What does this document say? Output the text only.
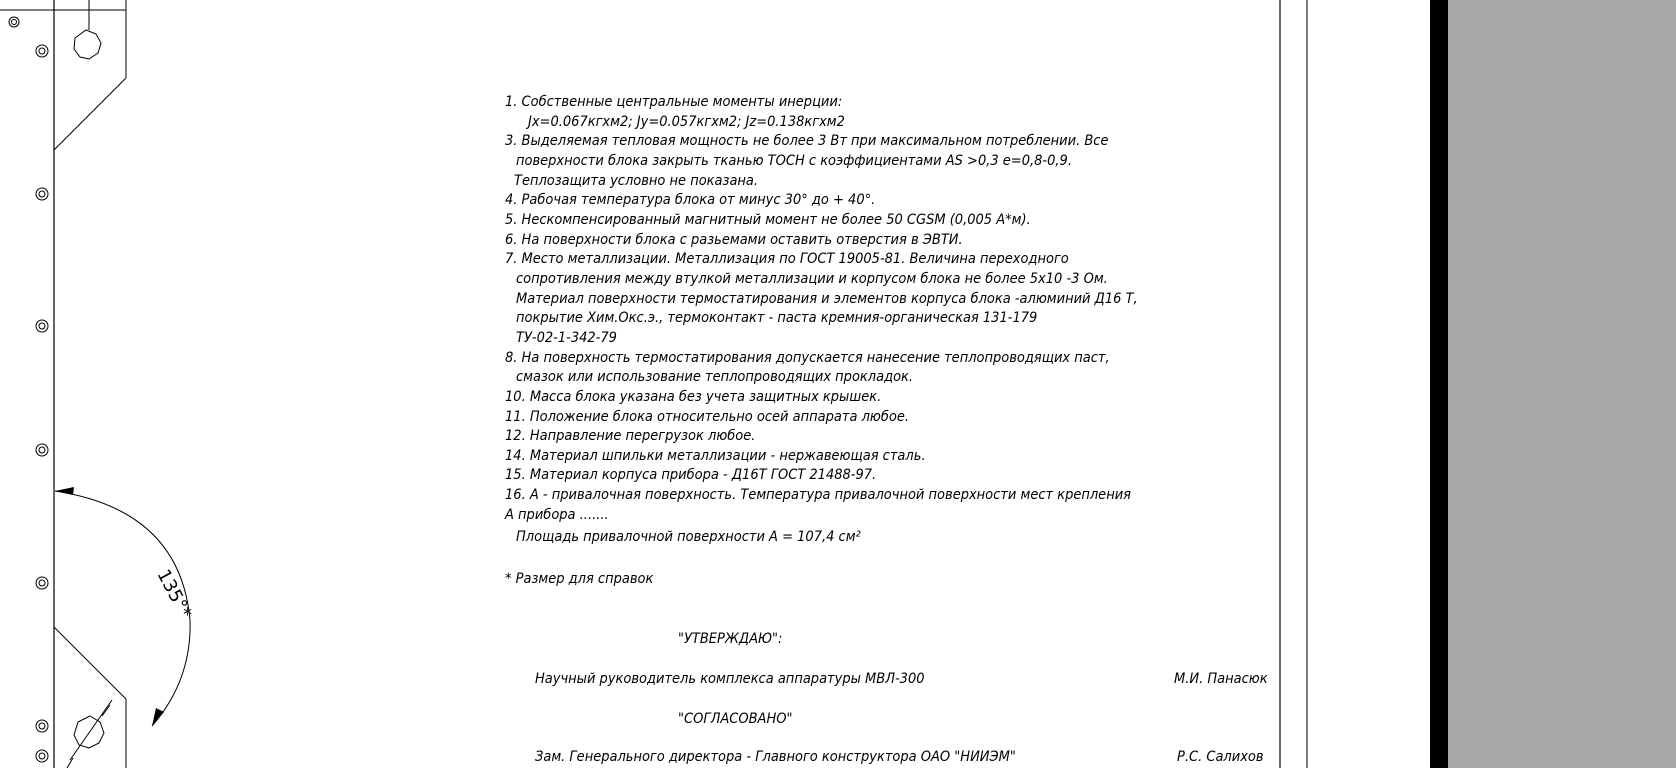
135°*
1. Собственные центральные моменты инерции:
Jx=0.067кгхм2; Jy=0.057кгхм2; Jz=0.138кгхм2
3. Выделяемая тепловая мощность не более 3 Вт при максимальном потреблении. Все
поверхности блока закрыть тканью ТОСН с коэффициентами AS >0,3 e=0,8-0,9.
Теплозащита условно не показана.
4. Рабочая температура блока от минус 30° до + 40°.
5. Нескомпенсированный магнитный момент не более 50 CGSM (0,005 А*м).
6. На поверхности блока с разьемами оставить отверстия в ЭВТИ.
7. Место металлизации. Металлизация по ГОСТ 19005-81. Величина переходного
сопротивления между втулкой металлизации и корпусом блока не более 5х10 -3 Ом.
Материал поверхности термостатирования и элементов корпуса блока -алюминий Д16 Т,
покрытие Хим.Окс.э., термоконтакт - паста кремния-органическая 131-179
ТУ-02-1-342-79
8. На поверхность термостатирования допускается нанесение теплопроводящих паст,
смазок или использование теплопроводящих прокладок.
10. Масса блока указана без учета защитных крышек.
11. Положение блока относительно осей аппарата любое.
12. Направление перегрузок любое.
14. Материал шпильки металлизации - нержавеющая сталь.
15. Материал корпуса прибора - Д16Т ГОСТ 21488-97.
16. А - привалочная поверхность. Температура привалочной поверхности мест крепления
А прибора .......
Площадь привалочной поверхности А = 107,4 см²
* Размер для справок
"УТВЕРЖДАЮ":
Научный руководитель комплекса аппаратуры МВЛ-300	М.И. Панасюк
"СОГЛАСОВАНО"
Зам. Генерального директора - Главного конструктора ОАО "НИИЭМ"	Р.С. Салихов
